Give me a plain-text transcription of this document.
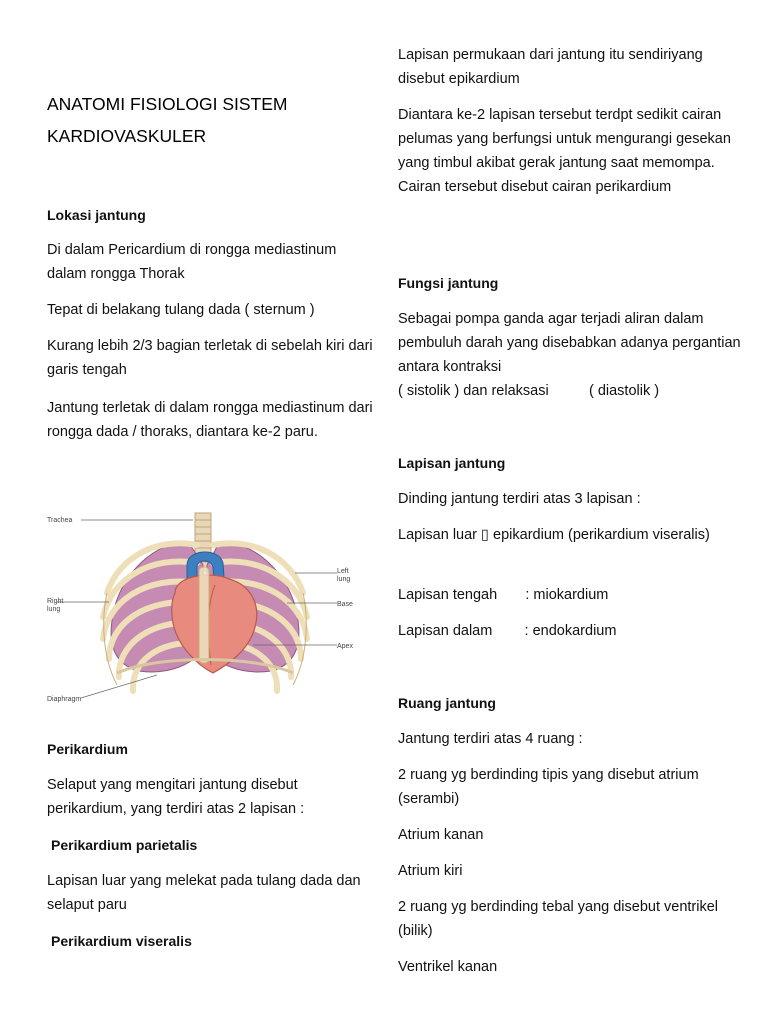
ANATOMI FISIOLOGI SISTEM KARDIOVASKULER
Lokasi jantung

Di dalam Pericardium di rongga mediastinum dalam rongga Thorak

Tepat di belakang tulang dada ( sternum )

Kurang lebih 2/3 bagian terletak di sebelah kiri dari garis tengah

Jantung terletak di dalam rongga mediastinum dari rongga dada / thoraks, diantara ke-2 paru.

Trachea
Left
lung
Right
lung
Base
Apex
Diaphragm
Perikardium

Selaput yang mengitari jantung disebut perikardium, yang terdiri atas 2 lapisan :

Perikardium parietalis

Lapisan luar yang melekat pada tulang dada dan selaput paru

Perikardium viseralis

Lapisan permukaan dari jantung itu sendiriyang disebut epikardium

Diantara ke-2 lapisan tersebut terdpt sedikit cairan pelumas yang berfungsi untuk mengurangi gesekan yang timbul akibat gerak jantung saat memompa. Cairan tersebut disebut cairan perikardium

Fungsi jantung

Sebagai pompa ganda agar terjadi aliran dalam pembuluh darah yang disebabkan adanya pergantian antara kontraksi

( sistolik ) dan relaksasi          ( diastolik )

Lapisan jantung

Dinding jantung terdiri atas 3 lapisan :

Lapisan luar ▯ epikardium (perikardium viseralis)

Lapisan tengah       : miokardium

Lapisan dalam        : endokardium

Ruang jantung

Jantung terdiri atas 4 ruang :

2 ruang yg berdinding tipis yang disebut atrium (serambi)

Atrium kanan

Atrium kiri

2 ruang yg berdinding tebal yang disebut ventrikel (bilik)

Ventrikel kanan
